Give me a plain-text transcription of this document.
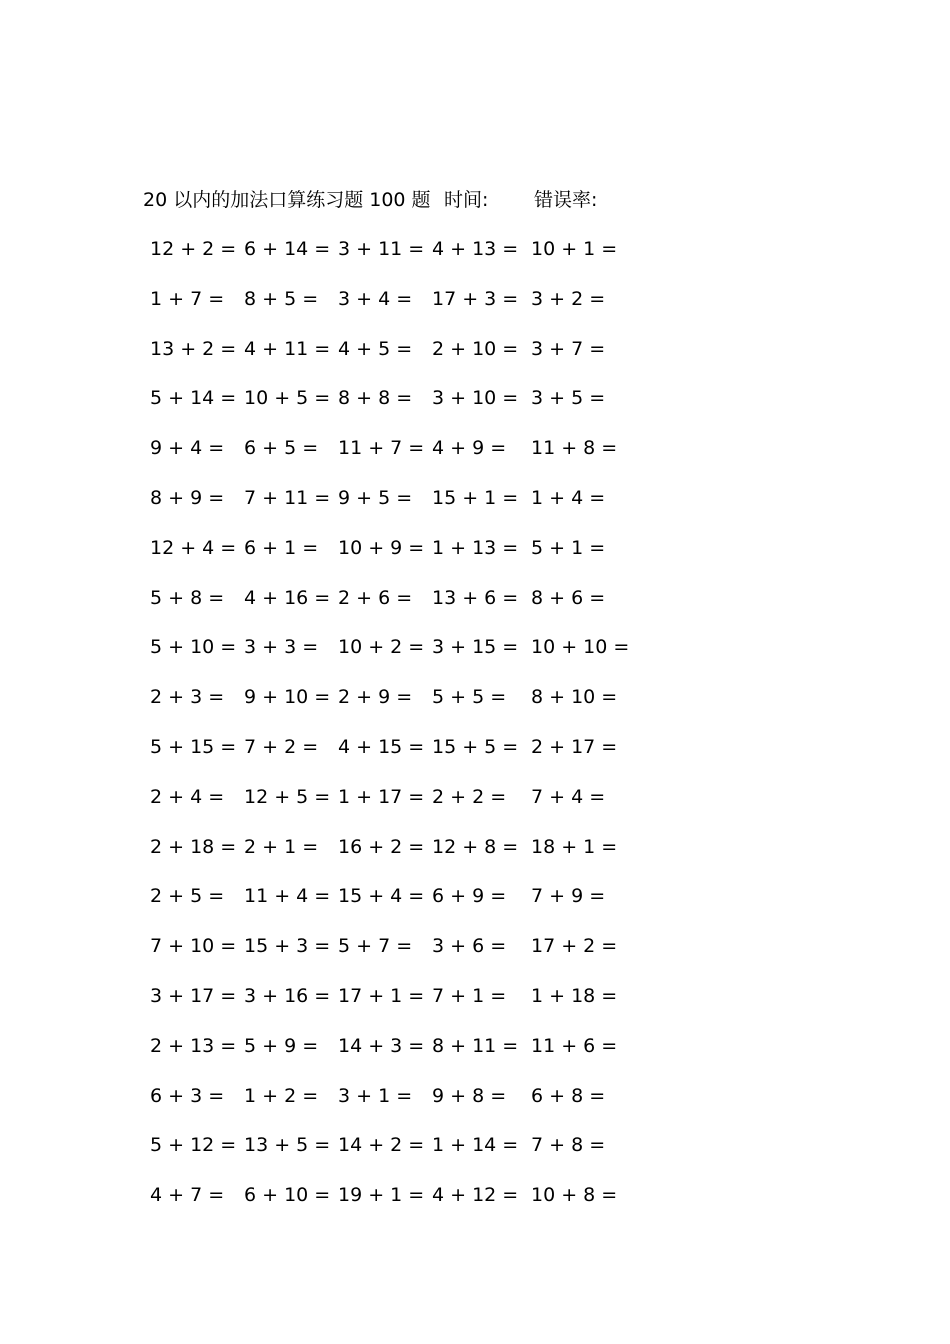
20 以内的加法口算练习题 100 题 时间: 错误率:
12 + 2 = 6 + 14 = 3 + 11 = 4 + 13 = 10 + 1 =
1 + 7 = 8 + 5 = 3 + 4 = 17 + 3 = 3 + 2 =
13 + 2 = 4 + 11 = 4 + 5 = 2 + 10 = 3 + 7 =
5 + 14 = 10 + 5 = 8 + 8 = 3 + 10 = 3 + 5 =
9 + 4 = 6 + 5 = 11 + 7 = 4 + 9 = 11 + 8 =
8 + 9 = 7 + 11 = 9 + 5 = 15 + 1 = 1 + 4 =
12 + 4 = 6 + 1 = 10 + 9 = 1 + 13 = 5 + 1 =
5 + 8 = 4 + 16 = 2 + 6 = 13 + 6 = 8 + 6 =
5 + 10 = 3 + 3 = 10 + 2 = 3 + 15 = 10 + 10 =
2 + 3 = 9 + 10 = 2 + 9 = 5 + 5 = 8 + 10 =
5 + 15 = 7 + 2 = 4 + 15 = 15 + 5 = 2 + 17 =
2 + 4 = 12 + 5 = 1 + 17 = 2 + 2 = 7 + 4 =
2 + 18 = 2 + 1 = 16 + 2 = 12 + 8 = 18 + 1 =
2 + 5 = 11 + 4 = 15 + 4 = 6 + 9 = 7 + 9 =
7 + 10 = 15 + 3 = 5 + 7 = 3 + 6 = 17 + 2 =
3 + 17 = 3 + 16 = 17 + 1 = 7 + 1 = 1 + 18 =
2 + 13 = 5 + 9 = 14 + 3 = 8 + 11 = 11 + 6 =
6 + 3 = 1 + 2 = 3 + 1 = 9 + 8 = 6 + 8 =
5 + 12 = 13 + 5 = 14 + 2 = 1 + 14 = 7 + 8 =
4 + 7 = 6 + 10 = 19 + 1 = 4 + 12 = 10 + 8 =
